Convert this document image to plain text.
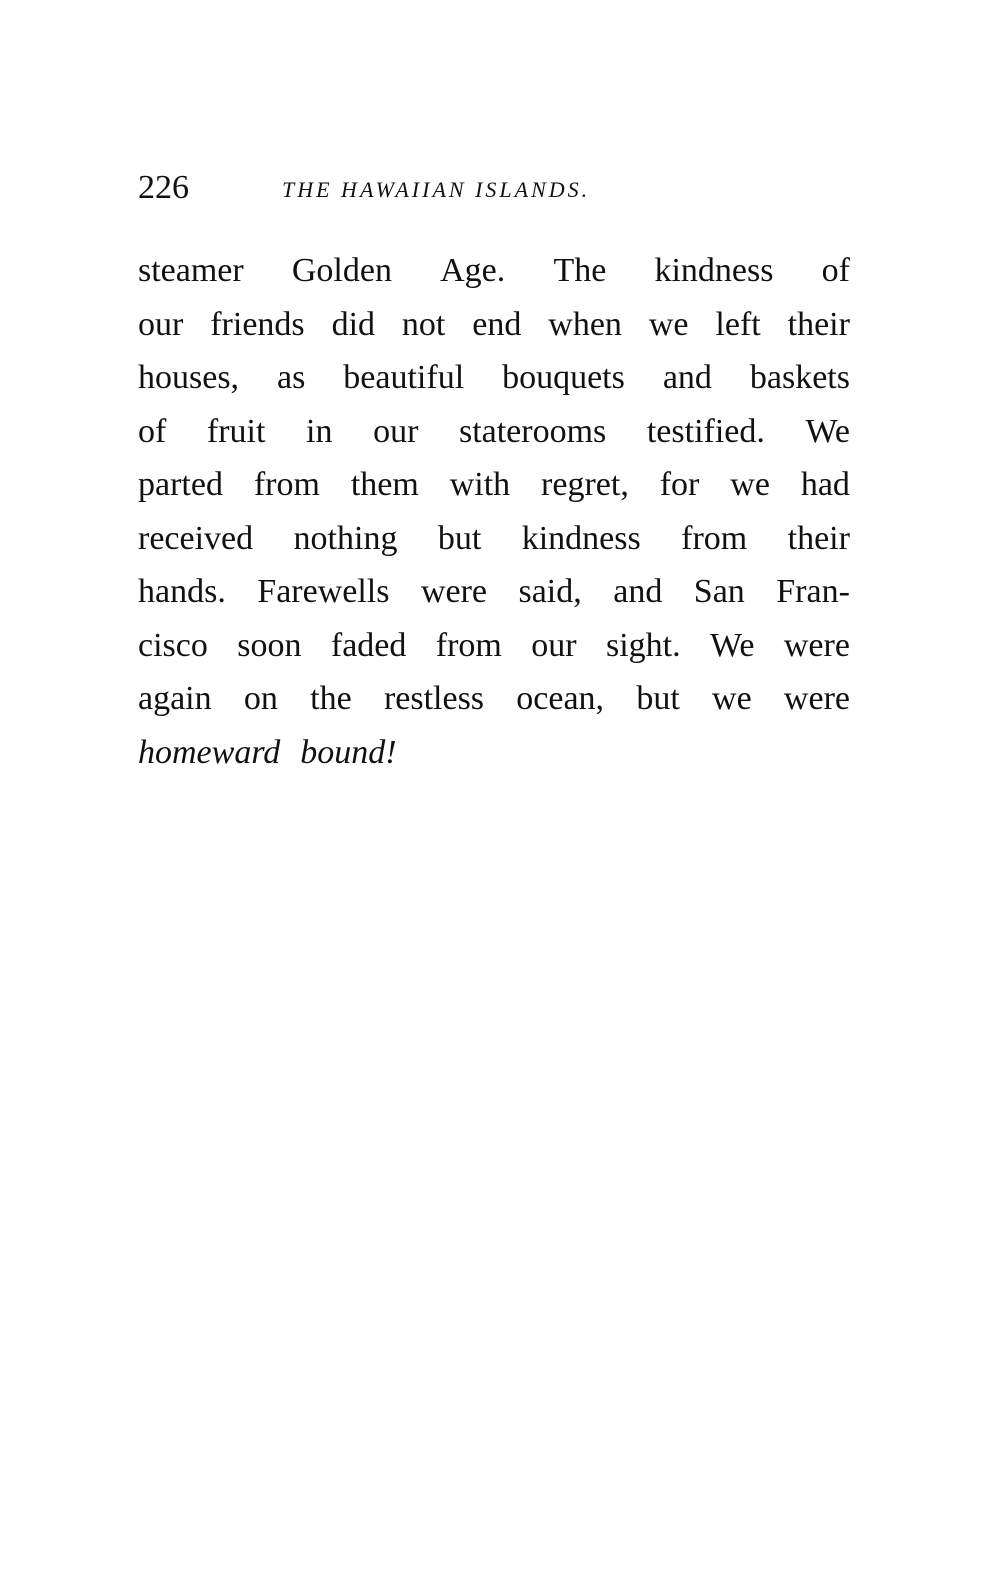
226	THE HAWAIIAN ISLANDS.
steamer Golden Age. The kindness of
our friends did not end when we left their
houses, as beautiful bouquets and baskets
of fruit in our staterooms testified. We
parted from them with regret, for we had
received nothing but kindness from their
hands. Farewells were said, and San Fran-
cisco soon faded from our sight. We were
again on the restless ocean, but we were
homeward bound!
